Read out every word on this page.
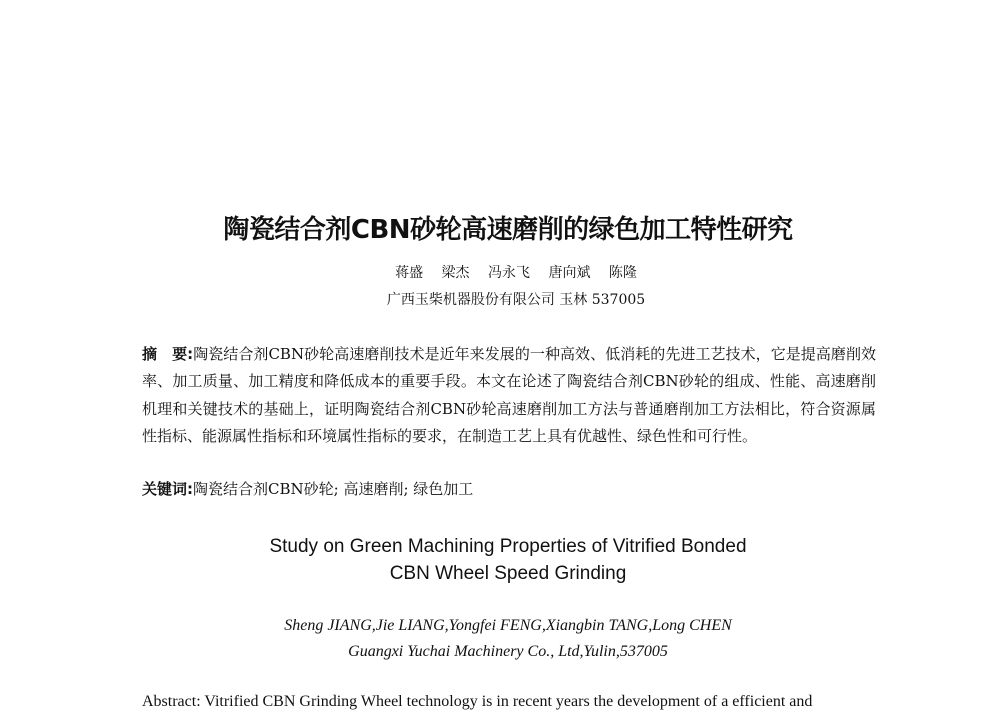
陶瓷结合剂CBN砂轮高速磨削的绿色加工特性研究
蒋盛 梁杰 冯永飞 唐向斌 陈隆
广西玉柴机器股份有限公司 玉林 537005
摘　要:陶瓷结合剂CBN砂轮高速磨削技术是近年来发展的一种高效、低消耗的先进工艺技术，它是提高磨削效率、加工质量、加工精度和降低成本的重要手段。本文在论述了陶瓷结合剂CBN砂轮的组成、性能、高速磨削机理和关键技术的基础上，证明陶瓷结合剂CBN砂轮高速磨削加工方法与普通磨削加工方法相比，符合资源属性指标、能源属性指标和环境属性指标的要求，在制造工艺上具有优越性、绿色性和可行性。
关键词:陶瓷结合剂CBN砂轮; 高速磨削; 绿色加工
Study on Green Machining Properties of Vitrified Bonded
CBN Wheel Speed Grinding
Sheng JIANG,Jie LIANG,Yongfei FENG,Xiangbin TANG,Long CHEN
Guangxi Yuchai Machinery Co., Ltd,Yulin,537005
Abstract: Vitrified CBN Grinding Wheel technology is in recent years the development of a efficient and
